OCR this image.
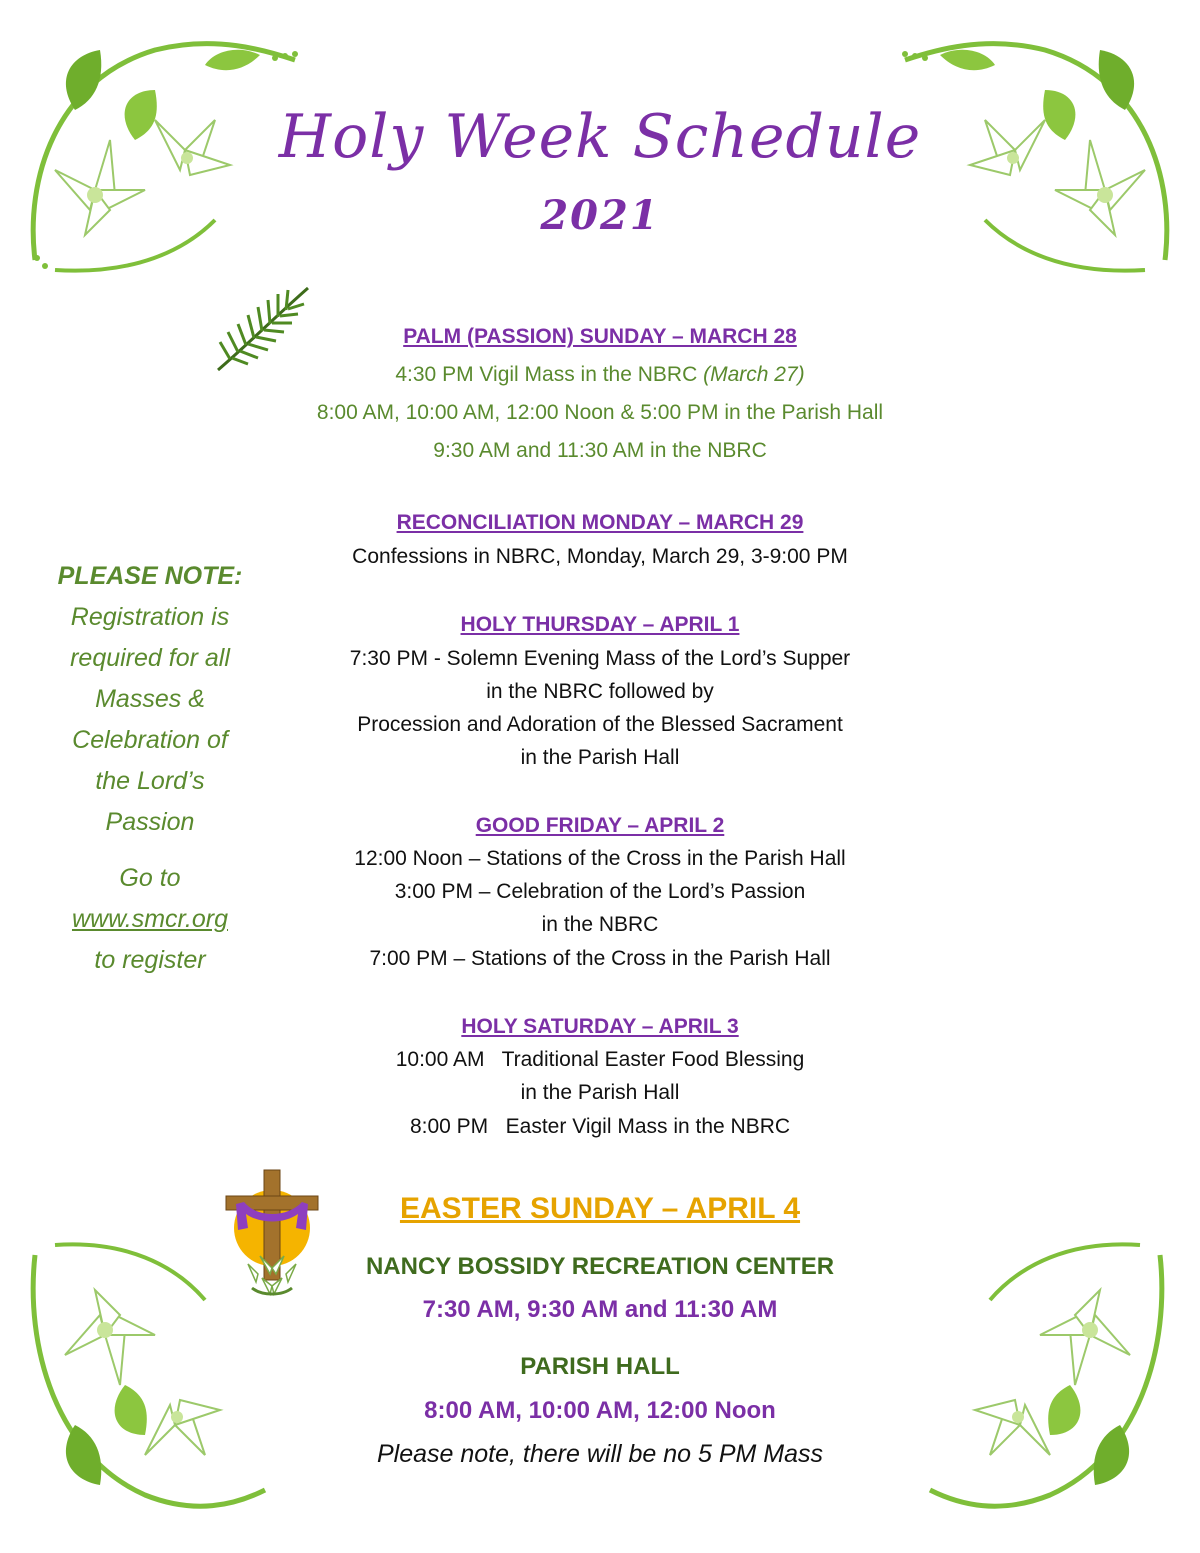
Holy Week Schedule
2021
PALM (PASSION) SUNDAY – MARCH 28
4:30 PM Vigil Mass in the NBRC (March 27)
8:00 AM, 10:00 AM, 12:00 Noon & 5:00 PM in the Parish Hall
9:30 AM and 11:30 AM in the NBRC
RECONCILIATION MONDAY – MARCH 29
Confessions in NBRC, Monday, March 29, 3-9:00 PM
HOLY THURSDAY – APRIL 1
7:30 PM - Solemn Evening Mass of the Lord’s Supper
in the NBRC followed by
Procession and Adoration of the Blessed Sacrament
in the Parish Hall
GOOD FRIDAY – APRIL 2
12:00 Noon – Stations of the Cross in the Parish Hall
3:00 PM – Celebration of the Lord’s Passion
in the NBRC
7:00 PM – Stations of the Cross in the Parish Hall
HOLY SATURDAY – APRIL 3
10:00 AM   Traditional Easter Food Blessing
in the Parish Hall
8:00 PM   Easter Vigil Mass in the NBRC
PLEASE NOTE:
Registration is
required for all
Masses &
Celebration of
the Lord’s
Passion
Go to
www.smcr.org
to register
EASTER SUNDAY – APRIL 4
NANCY BOSSIDY RECREATION CENTER
7:30 AM, 9:30 AM and 11:30 AM
PARISH HALL
8:00 AM, 10:00 AM, 12:00 Noon
Please note, there will be no 5 PM Mass
